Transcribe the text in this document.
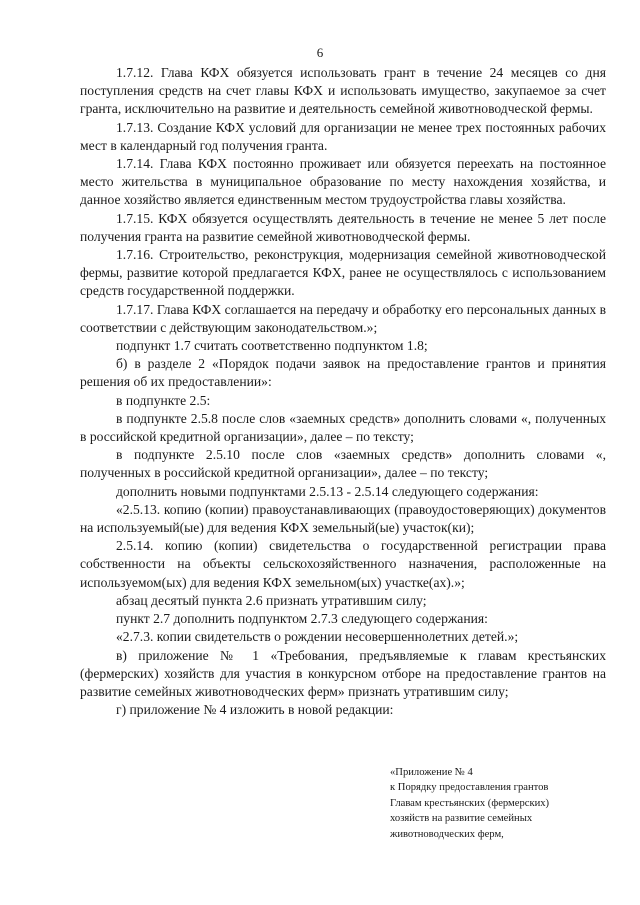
6

1.7.12. Глава КФХ обязуется использовать грант в течение 24 месяцев со дня поступления средств на счет главы КФХ и использовать имущество, закупаемое за счет гранта, исключительно на развитие и деятельность семейной животноводческой фермы.

1.7.13. Создание КФХ условий для организации не менее трех постоянных рабочих мест в календарный год получения гранта.

1.7.14. Глава КФХ постоянно проживает или обязуется переехать на постоянное место жительства в муниципальное образование по месту нахождения хозяйства, и данное хозяйство является единственным местом трудоустройства главы хозяйства.

1.7.15. КФХ обязуется осуществлять деятельность в течение не менее 5 лет после получения гранта на развитие семейной животноводческой фермы.

1.7.16. Строительство, реконструкция, модернизация семейной животноводческой фермы, развитие которой предлагается КФХ, ранее не осуществлялось с использованием средств государственной поддержки.

1.7.17. Глава КФХ соглашается на передачу и обработку его персональных данных в соответствии с действующим законодательством.»;

подпункт 1.7 считать соответственно подпунктом 1.8;

б) в разделе 2 «Порядок подачи заявок на предоставление грантов и принятия решения об их предоставлении»:

в подпункте 2.5:

в подпункте 2.5.8 после слов «заемных средств» дополнить словами «, полученных в российской кредитной организации», далее – по тексту;

в подпункте 2.5.10 после слов «заемных средств» дополнить словами «, полученных в российской кредитной организации», далее – по тексту;

дополнить новыми подпунктами 2.5.13 - 2.5.14 следующего содержания:

«2.5.13. копию (копии) правоустанавливающих (правоудостоверяющих) документов на используемый(ые) для ведения КФХ земельный(ые) участок(ки);

2.5.14. копию (копии) свидетельства о государственной регистрации права собственности на объекты сельскохозяйственного назначения, расположенные на используемом(ых) для ведения КФХ земельном(ых) участке(ах).»;

абзац десятый пункта 2.6 признать утратившим силу;

пункт 2.7 дополнить подпунктом 2.7.3 следующего содержания:

«2.7.3. копии свидетельств о рождении несовершеннолетних детей.»;

в) приложение № 1 «Требования, предъявляемые к главам крестьянских (фермерских) хозяйств для участия в конкурсном отборе на предоставление грантов на развитие семейных животноводческих ферм» признать утратившим силу;

г) приложение № 4 изложить в новой редакции:

«Приложение № 4
к Порядку предоставления грантов
Главам крестьянских (фермерских)
хозяйств на развитие семейных
животноводческих ферм,
